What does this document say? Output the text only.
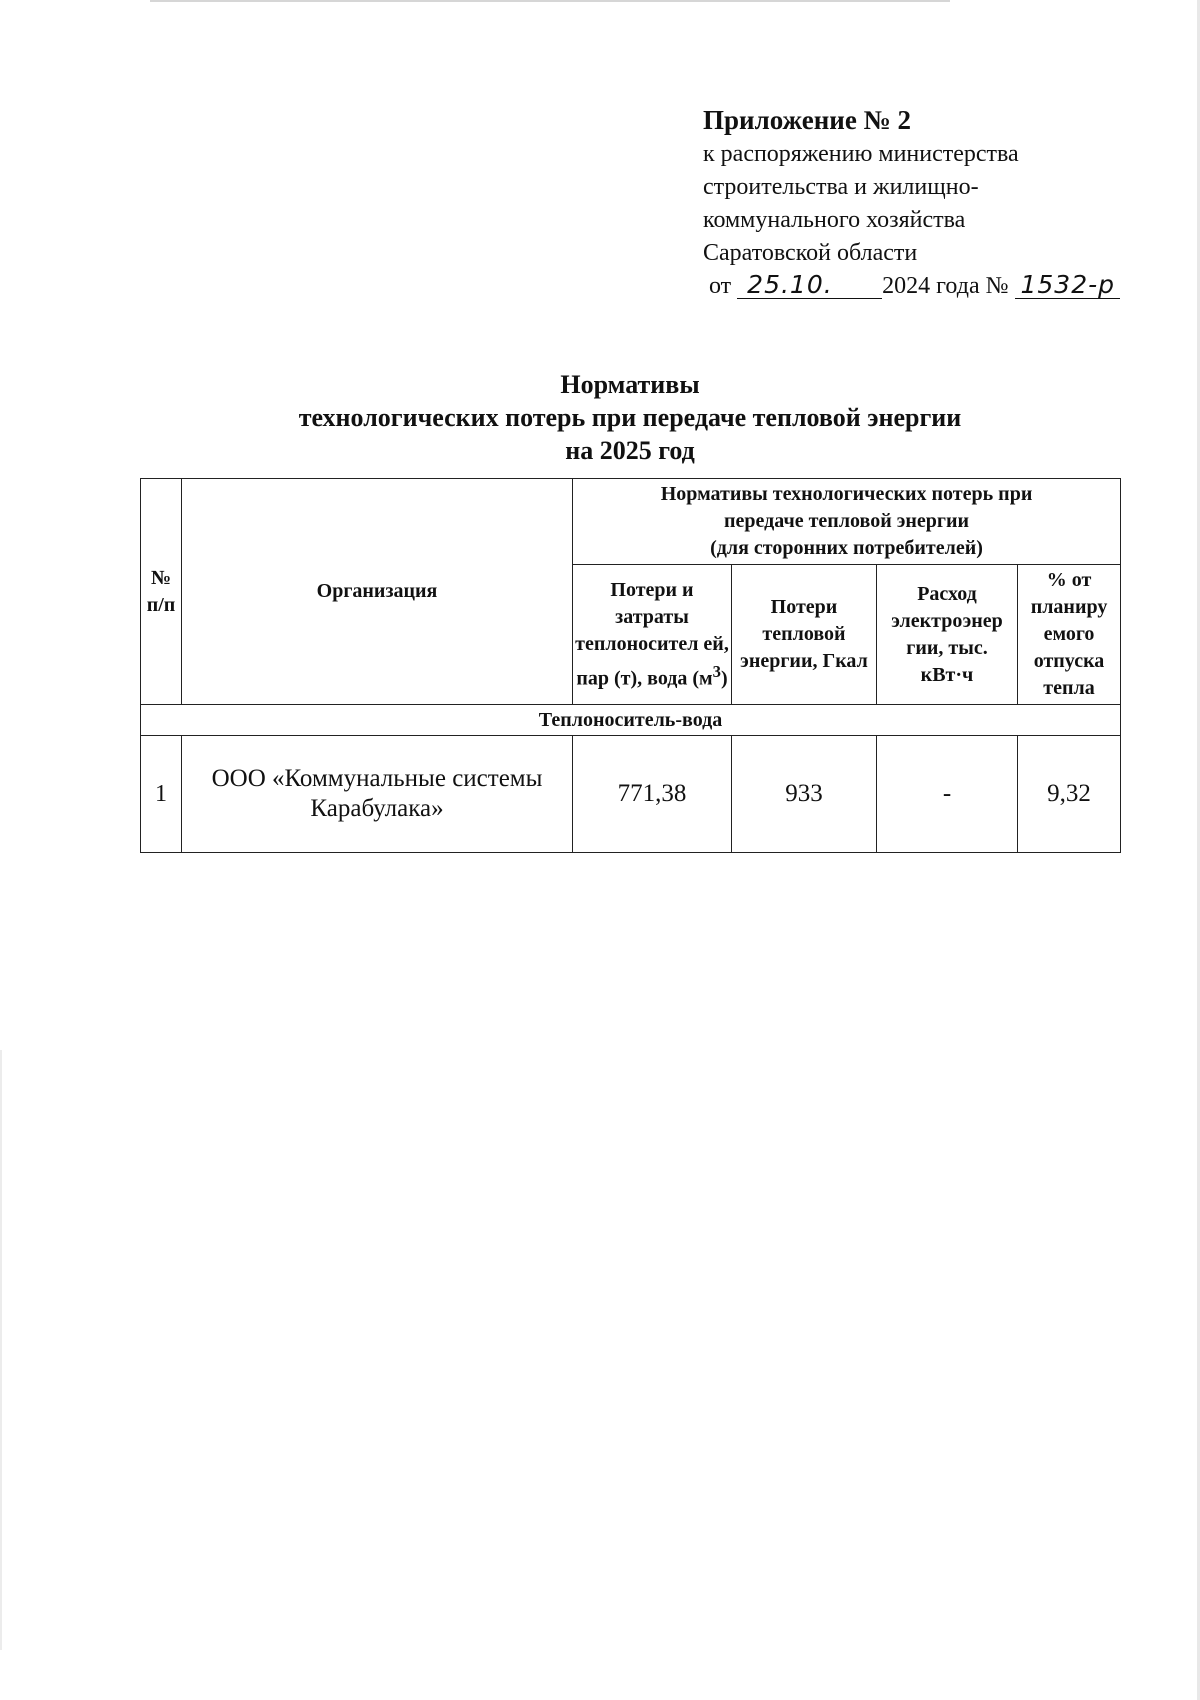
Приложение № 2
к распоряжению министерства
строительства и жилищно-
коммунального хозяйства
Саратовской области
от 25.10. 2024 года № 1532-р
Нормативы
технологических потерь при передаче тепловой энергии
на 2025 год
№ п/п	Организация	Нормативы технологических потерь при
передаче тепловой энергии
(для сторонних потребителей)			

		Потери и затраты теплоносител ей, пар (т), вода $(м^3)$	Потери тепловой энергии, Гкал	Расход электроэнер гии, тыс. кВт·ч	% от планиру емого отпуска тепла
Теплоноситель-вода					
1	ООО «Коммунальные системы Карабулака»	771,38	933	-	9,32
